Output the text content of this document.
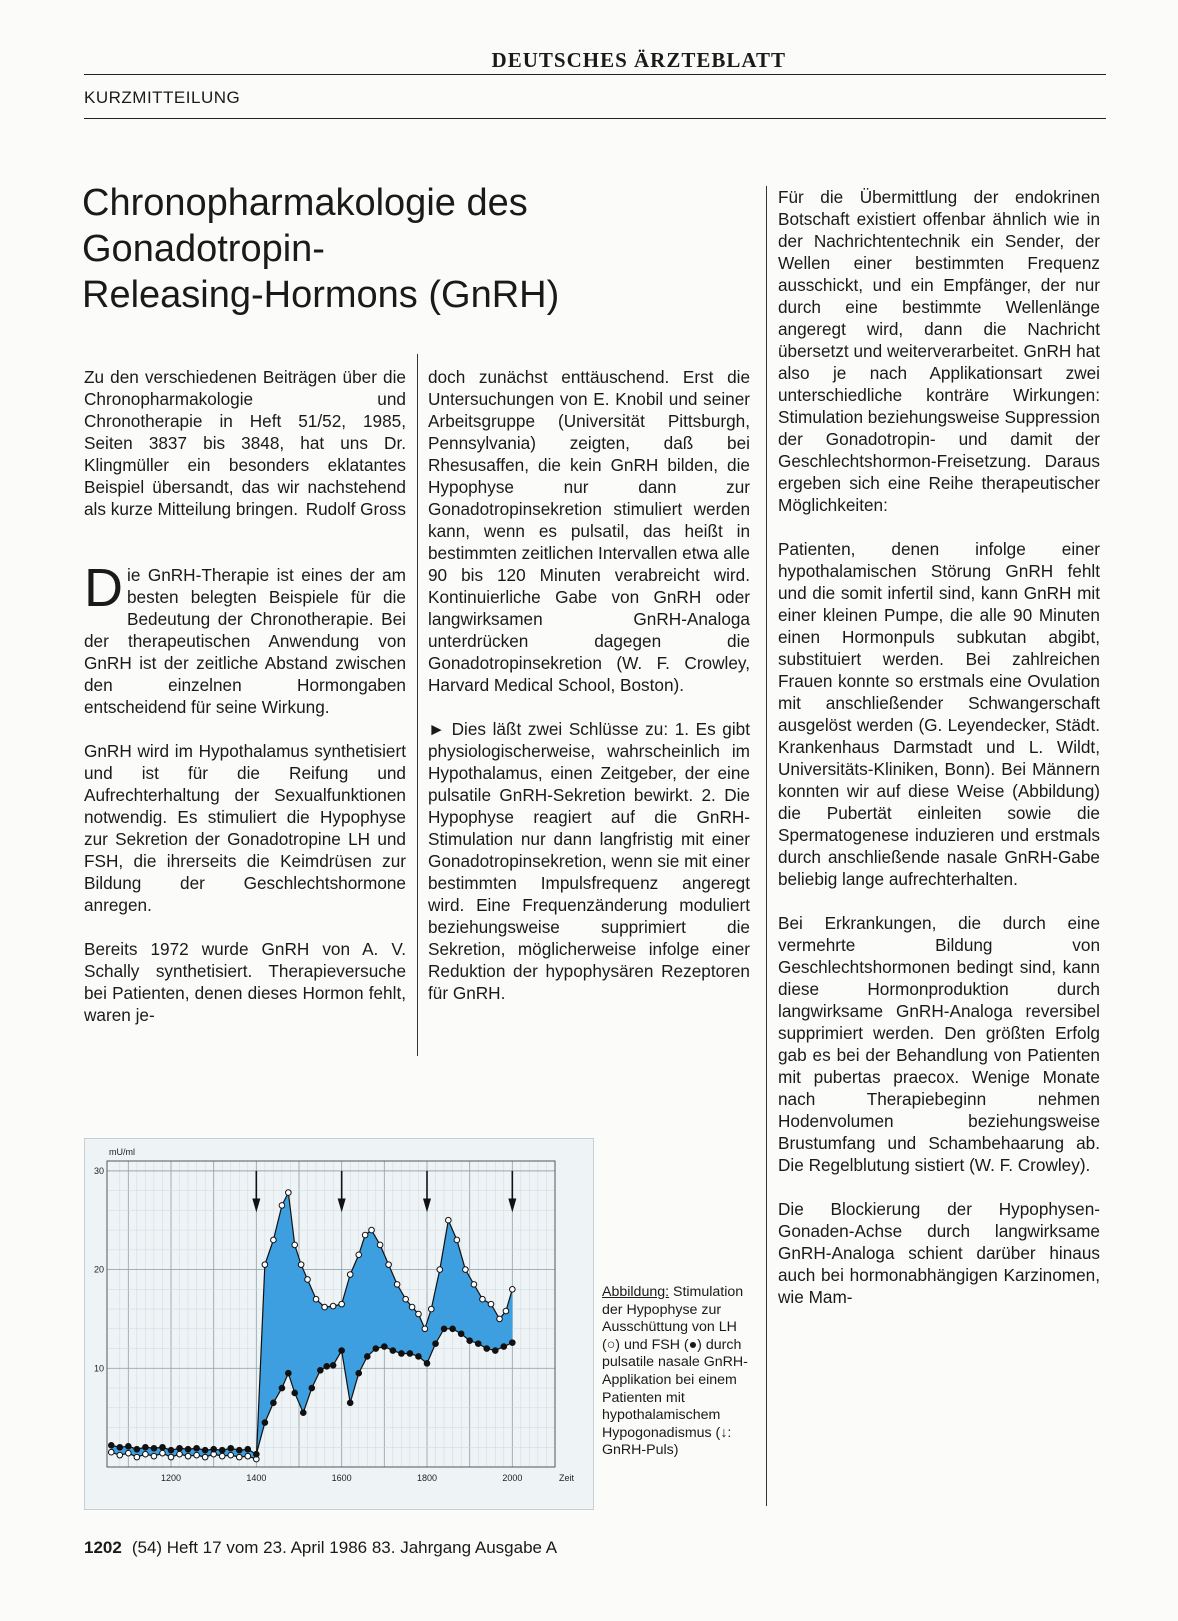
DEUTSCHES ÄRZTEBLATT
KURZMITTEILUNG
Chronopharmakologie des
Gonadotropin-
Releasing-Hormons (GnRH)

Zu den verschiedenen Beiträgen über die Chronopharmakologie und Chronotherapie in Heft 51/52, 1985, Seiten 3837 bis 3848, hat uns Dr. Klingmüller ein besonders eklatantes Beispiel übersandt, das wir nachstehend als kurze Mitteilung bringen. Rudolf Gross

Die GnRH-Therapie ist eines der am besten belegten Beispiele für die Bedeutung der Chronotherapie. Bei der therapeutischen Anwendung von GnRH ist der zeitliche Abstand zwischen den einzelnen Hormongaben entscheidend für seine Wirkung.

GnRH wird im Hypothalamus synthetisiert und ist für die Reifung und Aufrechterhaltung der Sexualfunktionen notwendig. Es stimuliert die Hypophyse zur Sekretion der Gonadotropine LH und FSH, die ihrerseits die Keimdrüsen zur Bildung der Geschlechtshormone anregen.

Bereits 1972 wurde GnRH von A. V. Schally synthetisiert. Therapieversuche bei Patienten, denen dieses Hormon fehlt, waren je-

doch zunächst enttäuschend. Erst die Untersuchungen von E. Knobil und seiner Arbeitsgruppe (Universität Pittsburgh, Pennsylvania) zeigten, daß bei Rhesusaffen, die kein GnRH bilden, die Hypophyse nur dann zur Gonadotropinsekretion stimuliert werden kann, wenn es pulsatil, das heißt in bestimmten zeitlichen Intervallen etwa alle 90 bis 120 Minuten verabreicht wird. Kontinuierliche Gabe von GnRH oder langwirksamen GnRH-Analoga unterdrücken dagegen die Gonadotropinsekretion (W. F. Crowley, Harvard Medical School, Boston).

► Dies läßt zwei Schlüsse zu: 1. Es gibt physiologischerweise, wahrscheinlich im Hypothalamus, einen Zeitgeber, der eine pulsatile GnRH-Sekretion bewirkt. 2. Die Hypophyse reagiert auf die GnRH-Stimulation nur dann langfristig mit einer Gonadotropinsekretion, wenn sie mit einer bestimmten Impulsfrequenz angeregt wird. Eine Frequenzänderung moduliert beziehungsweise supprimiert die Sekretion, möglicherweise infolge einer Reduktion der hypophysären Rezeptoren für GnRH.

Für die Übermittlung der endokrinen Botschaft existiert offenbar ähnlich wie in der Nachrichtentechnik ein Sender, der Wellen einer bestimmten Frequenz ausschickt, und ein Empfänger, der nur durch eine bestimmte Wellenlänge angeregt wird, dann die Nachricht übersetzt und weiterverarbeitet. GnRH hat also je nach Applikationsart zwei unterschiedliche konträre Wirkungen: Stimulation beziehungsweise Suppression der Gonadotropin- und damit der Geschlechtshormon-Freisetzung. Daraus ergeben sich eine Reihe therapeutischer Möglichkeiten:

Patienten, denen infolge einer hypothalamischen Störung GnRH fehlt und die somit infertil sind, kann GnRH mit einer kleinen Pumpe, die alle 90 Minuten einen Hormonpuls subkutan abgibt, substituiert werden. Bei zahlreichen Frauen konnte so erstmals eine Ovulation mit anschließender Schwangerschaft ausgelöst werden (G. Leyendecker, Städt. Krankenhaus Darmstadt und L. Wildt, Universitäts-Kliniken, Bonn). Bei Männern konnten wir auf diese Weise (Abbildung) die Pubertät einleiten sowie die Spermatogenese induzieren und erstmals durch anschließende nasale GnRH-Gabe beliebig lange aufrechterhalten.

Bei Erkrankungen, die durch eine vermehrte Bildung von Geschlechtshormonen bedingt sind, kann diese Hormonproduktion durch langwirksame GnRH-Analoga reversibel supprimiert werden. Den größten Erfolg gab es bei der Behandlung von Patienten mit pubertas praecox. Wenige Monate nach Therapiebeginn nehmen Hodenvolumen beziehungsweise Brustumfang und Schambehaarung ab. Die Regelblutung sistiert (W. F. Crowley).

Die Blockierung der Hypophysen-Gonaden-Achse durch langwirksame GnRH-Analoga schient darüber hinaus auch bei hormonabhängigen Karzinomen, wie Mam-

10
20
30
1200	1400	1600	1800	2000
mU/ml
Zeit
Abbildung: Stimulation der Hypophyse zur Ausschüttung von LH (○) und FSH (●) durch pulsatile nasale GnRH-Applikation bei einem Patienten mit hypothalamischem Hypogonadismus (↓: GnRH-Puls)
1202 (54) Heft 17 vom 23. April 1986 83. Jahrgang Ausgabe A
